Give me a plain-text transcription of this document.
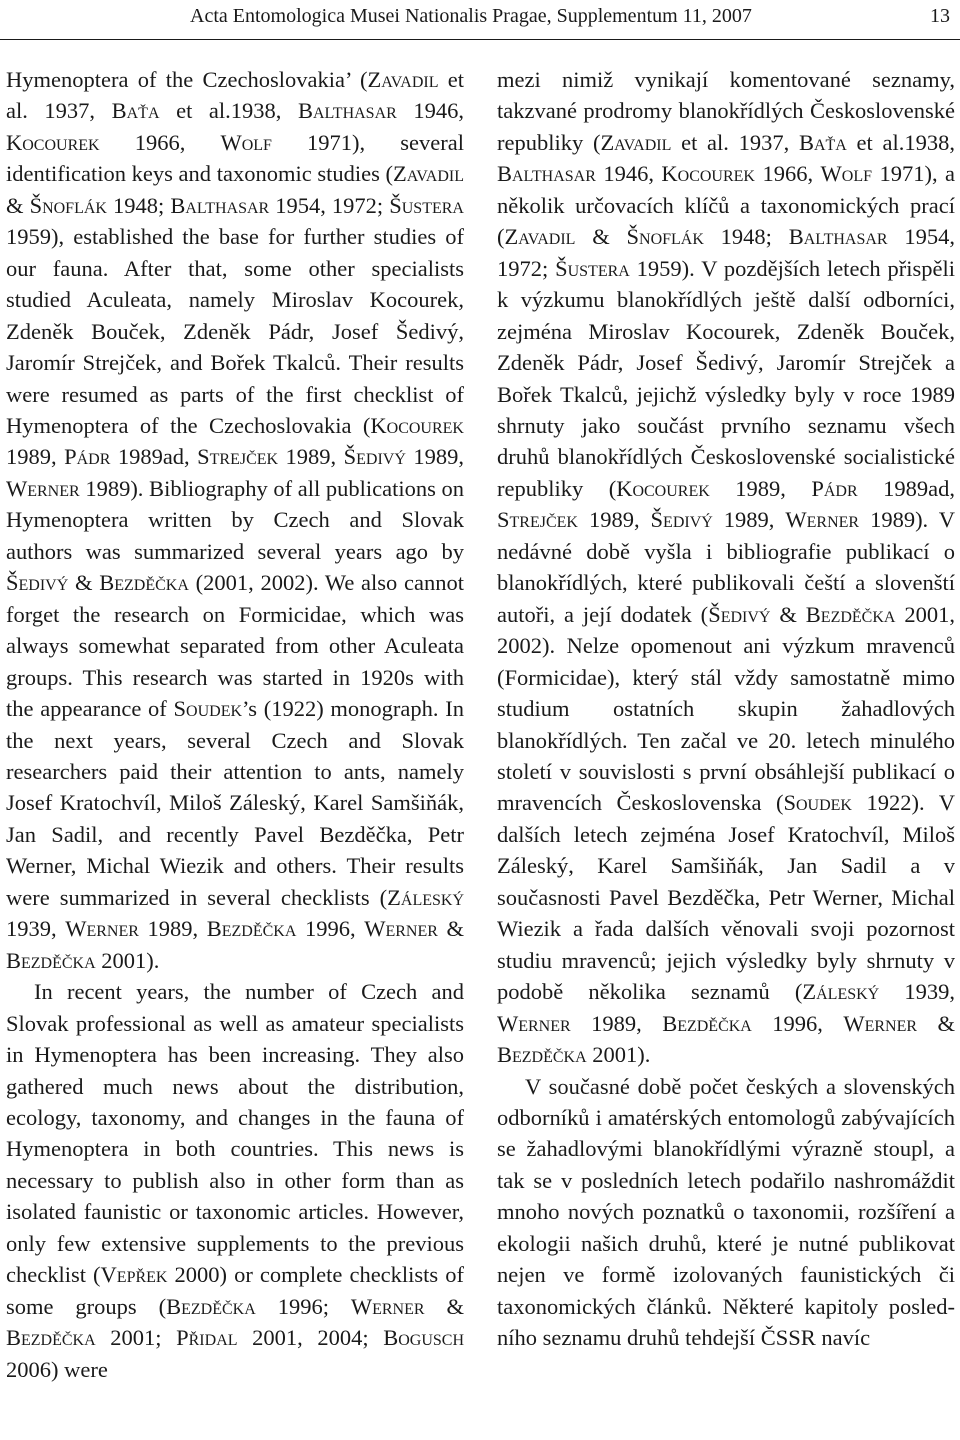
Acta Entomologica Musei Nationalis Pragae, Supplementum 11, 2007	13

Hymenoptera of the Czechoslovakia’ (Zavadil et al. 1937, Baťa et al.1938, Balthasar 1946, Kocourek 1966, Wolf 1971), several identification keys and taxonomic studies (Zavadil & Šnoflák 1948; Balthasar 1954, 1972; Šustera 1959), established the base for further studies of our fauna. After that, some other specialists studied Aculeata, namely Miroslav Kocourek, Zdeněk Bouček, Zdeněk Pádr, Josef Šedivý, Jaromír Strejček, and Bořek Tkalců. Their results were resumed as parts of the first checklist of Hymenoptera of the Czechoslovakia (Kocourek 1989, Pádr 1989ad, Strejček 1989, Šedivý 1989, Werner 1989). Bibliography of all publications on Hymenoptera written by Czech and Slovak authors was summarized several years ago by Šedivý & Bezděčka (2001, 2002). We also cannot forget the research on Formicidae, which was always somewhat separated from other Aculeata groups. This research was started in 1920s with the appearance of Soudek’s (1922) monograph. In the next years, several Czech and Slovak researchers paid their attention to ants, namely Josef Kratochvíl, Miloš Záleský, Karel Samšiňák, Jan Sadil, and recently Pavel Bezděčka, Petr Werner, Michal Wiezik and others. Their results were summarized in several checklists (Záleský 1939, Werner 1989, Bezděčka 1996, Werner & Bezděčka 2001).

In recent years, the number of Czech and Slovak professional as well as amateur specialists in Hymenoptera has been increasing. They also gathered much news about the distribution, ecology, taxonomy, and changes in the fauna of Hymenoptera in both countries. This news is necessary to publish also in other form than as isolated faunistic or taxonomic articles. However, only few extensive supplements to the previous checklist (Vepřek 2000) or complete checklists of some groups (Bezděčka 1996; Werner & Bezděčka 2001; Přidal 2001, 2004; Bogusch 2006) were

mezi nimiž vynikají komentované seznamy, takzvané prodromy blanokřídlých Československé republiky (Zavadil et al. 1937, Baťa et al.1938, Balthasar 1946, Kocourek 1966, Wolf 1971), a několik určovacích klíčů a taxonomických prací (Zavadil & Šnoflák 1948; Balthasar 1954, 1972; Šustera 1959). V pozdějších letech přispěli k výzkumu blanokřídlých ještě další odborníci, zejména Miroslav Kocourek, Zdeněk Bouček, Zdeněk Pádr, Josef Šedivý, Jaromír Strejček a Bořek Tkalců, jejichž výsledky byly v roce 1989 shrnuty jako součást prvního seznamu všech druhů blanokřídlých Československé socialistické republiky (Kocourek 1989, Pádr 1989ad, Strejček 1989, Šedivý 1989, Werner 1989). V nedávné době vyšla i bibliografie publikací o blanokřídlých, které publikovali čeští a slovenští autoři, a její dodatek (Šedivý & Bezděčka 2001, 2002). Nelze opomenout ani výzkum mravenců (Formicidae), který stál vždy samostatně mimo studium ostatních skupin žahadlových blanokřídlých. Ten začal ve 20. letech minulého století v souvislosti s první obsáhlejší publikací o mravencích Československa (Soudek 1922). V dalších letech zejména Josef Kratochvíl, Miloš Záleský, Karel Samšiňák, Jan Sadil a v současnosti Pavel Bezděčka, Petr Werner, Michal Wiezik a řada dalších věnovali svoji pozornost studiu mravenců; jejich výsledky byly shrnuty v podobě několika seznamů (Záleský 1939, Werner 1989, Bezděčka 1996, Werner & Bezděčka 2001).

V současné době počet českých a slovenských odborníků i amatérských entomologů zabývajících se žahadlovými blanokřídlými výrazně stoupl, a tak se v posledních letech podařilo nashromáždit mnoho nových poznatků o taxonomii, rozšíření a ekologii našich druhů, které je nutné publikovat nejen ve formě izolovaných faunistických či taxonomických článků. Některé kapitoly posledního seznamu druhů tehdejší ČSSR navíc
